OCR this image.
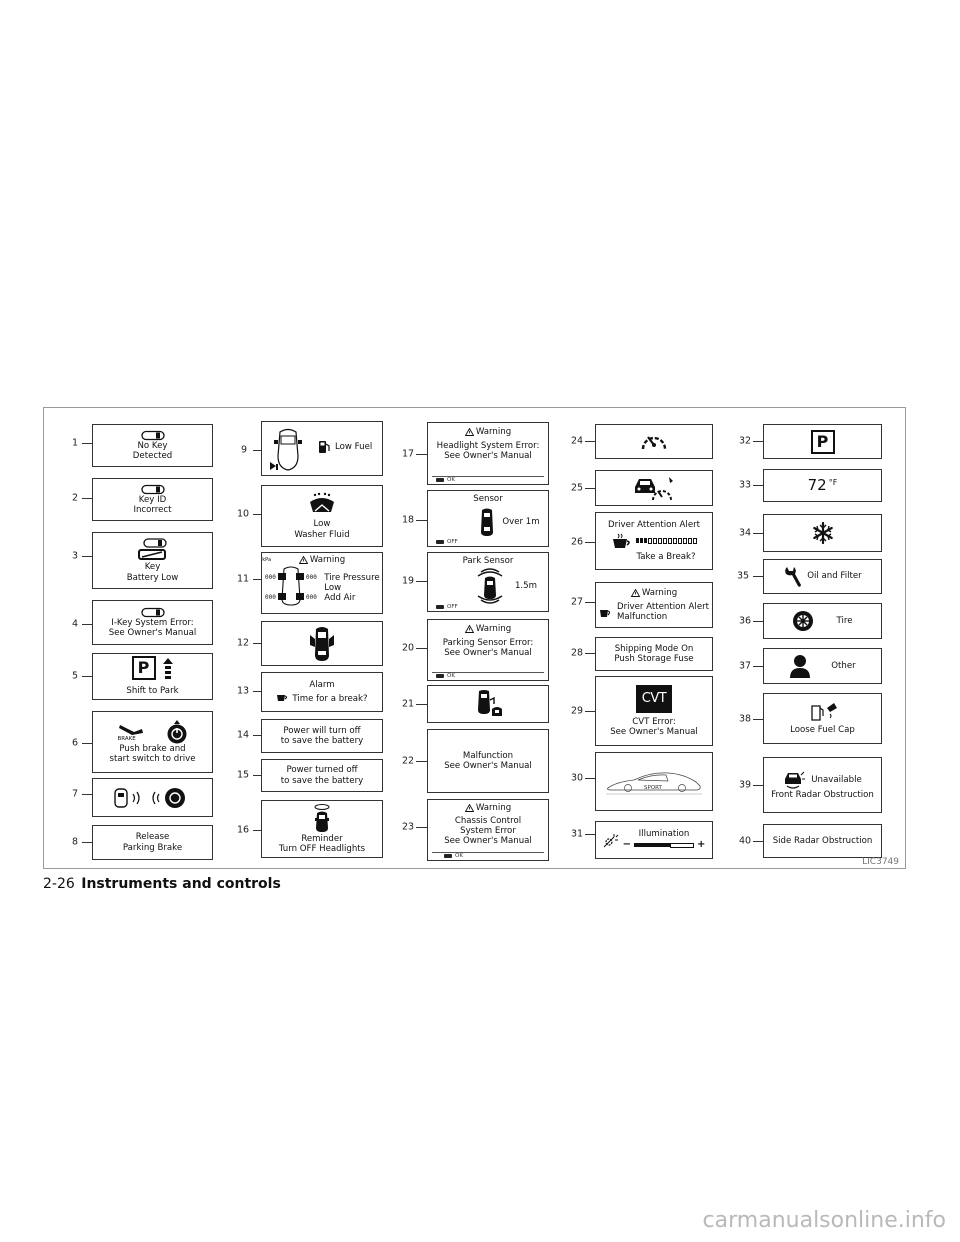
1	No Key
Detected
2	Key ID
Incorrect
3
Key
Battery Low
4	I-Key System Error:
See Owner's Manual
5	P
Shift to Park
6	BRAKE
Push brake and
start switch to drive
7
8	Release
Parking Brake
9	Low Fuel
10
Low
Washer Fluid
11
Warning
kPa
000	000
000	000
Tire Pressure
Low
Add Air
12
13
Alarm
Time for a break?
14	Power will turn off
to save the battery
15	Power turned off
to save the battery
16
Reminder
Turn OFF Headlights
17
Warning
Headlight System Error:
See Owner's Manual
OK
18
Sensor
Over 1m
OFF
19
Park Sensor
1.5m
OFF
20
Warning
Parking Sensor Error:
See Owner's Manual
OK
21
22	Malfunction
See Owner's Manual
23
Warning
Chassis Control
System Error
See Owner's Manual
OK
24
25
26
Driver Attention Alert
Take a Break?
27
Warning
Driver Attention Alert
Malfunction
28	Shipping Mode On
Push Storage Fuse
29
CVT
CVT Error:
See Owner's Manual
30
SPORT
31	Illumination
−	+
32	P
33	72 °F
34
35	Oil and Filter
36	Tire
37	Other
38
Loose Fuel Cap
39	Unavailable
Front Radar Obstruction
40	Side Radar Obstruction
LIC3749
2-26 Instruments and controls
carmanualsonline.info
